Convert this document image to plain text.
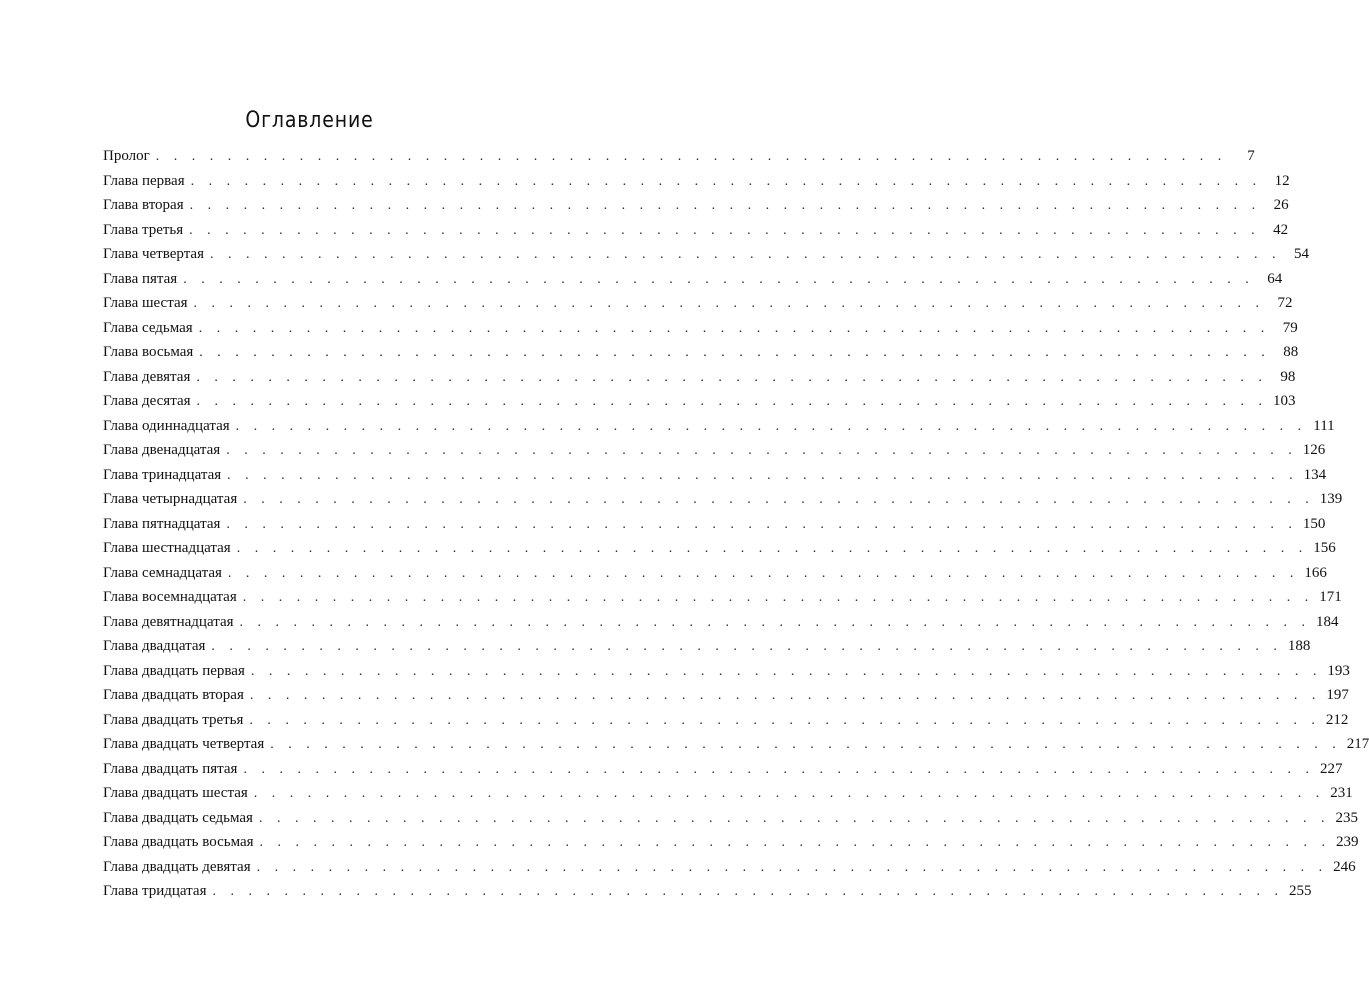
Оглавление
Пролог . . . . . . . . . . . . . . . . . . . . . . . . . . . . . . . . . . . . . . . . . . . . . . . . . . . . . . . . . . . .	7
Глава первая . . . . . . . . . . . . . . . . . . . . . . . . . . . . . . . . . . . . . . . . . . . . . . . . . . . . . . . . . . . . 12
Глава вторая . . . . . . . . . . . . . . . . . . . . . . . . . . . . . . . . . . . . . . . . . . . . . . . . . . . . . . . . . . . . 26
Глава третья . . . . . . . . . . . . . . . . . . . . . . . . . . . . . . . . . . . . . . . . . . . . . . . . . . . . . . . . . . . . 42
Глава четвертая . . . . . . . . . . . . . . . . . . . . . . . . . . . . . . . . . . . . . . . . . . . . . . . . . . . . . . . . . . . . 54
Глава пятая . . . . . . . . . . . . . . . . . . . . . . . . . . . . . . . . . . . . . . . . . . . . . . . . . . . . . . . . . . . . 64
Глава шестая . . . . . . . . . . . . . . . . . . . . . . . . . . . . . . . . . . . . . . . . . . . . . . . . . . . . . . . . . . . . 72
Глава седьмая . . . . . . . . . . . . . . . . . . . . . . . . . . . . . . . . . . . . . . . . . . . . . . . . . . . . . . . . . . . . 79
Глава восьмая . . . . . . . . . . . . . . . . . . . . . . . . . . . . . . . . . . . . . . . . . . . . . . . . . . . . . . . . . . . . 88
Глава девятая . . . . . . . . . . . . . . . . . . . . . . . . . . . . . . . . . . . . . . . . . . . . . . . . . . . . . . . . . . . . 98
Глава десятая . . . . . . . . . . . . . . . . . . . . . . . . . . . . . . . . . . . . . . . . . . . . . . . . . . . . . . . . . . . . 103
Глава одиннадцатая . . . . . . . . . . . . . . . . . . . . . . . . . . . . . . . . . . . . . . . . . . . . . . . . . . . . . . . . . . . . 111
Глава двенадцатая . . . . . . . . . . . . . . . . . . . . . . . . . . . . . . . . . . . . . . . . . . . . . . . . . . . . . . . . . . . . 126
Глава тринадцатая . . . . . . . . . . . . . . . . . . . . . . . . . . . . . . . . . . . . . . . . . . . . . . . . . . . . . . . . . . . . 134
Глава четырнадцатая . . . . . . . . . . . . . . . . . . . . . . . . . . . . . . . . . . . . . . . . . . . . . . . . . . . . . . . . . . . . 139
Глава пятнадцатая . . . . . . . . . . . . . . . . . . . . . . . . . . . . . . . . . . . . . . . . . . . . . . . . . . . . . . . . . . . . 150
Глава шестнадцатая . . . . . . . . . . . . . . . . . . . . . . . . . . . . . . . . . . . . . . . . . . . . . . . . . . . . . . . . . . . . 156
Глава семнадцатая . . . . . . . . . . . . . . . . . . . . . . . . . . . . . . . . . . . . . . . . . . . . . . . . . . . . . . . . . . . . 166
Глава восемнадцатая . . . . . . . . . . . . . . . . . . . . . . . . . . . . . . . . . . . . . . . . . . . . . . . . . . . . . . . . . . . . 171
Глава девятнадцатая . . . . . . . . . . . . . . . . . . . . . . . . . . . . . . . . . . . . . . . . . . . . . . . . . . . . . . . . . . . . 184
Глава двадцатая . . . . . . . . . . . . . . . . . . . . . . . . . . . . . . . . . . . . . . . . . . . . . . . . . . . . . . . . . . . . 188
Глава двадцать первая . . . . . . . . . . . . . . . . . . . . . . . . . . . . . . . . . . . . . . . . . . . . . . . . . . . . . . . . . . . . 193
Глава двадцать вторая . . . . . . . . . . . . . . . . . . . . . . . . . . . . . . . . . . . . . . . . . . . . . . . . . . . . . . . . . . . . 197
Глава двадцать третья . . . . . . . . . . . . . . . . . . . . . . . . . . . . . . . . . . . . . . . . . . . . . . . . . . . . . . . . . . . . 212
Глава двадцать четвертая . . . . . . . . . . . . . . . . . . . . . . . . . . . . . . . . . . . . . . . . . . . . . . . . . . . . . . . . . . . . 217
Глава двадцать пятая . . . . . . . . . . . . . . . . . . . . . . . . . . . . . . . . . . . . . . . . . . . . . . . . . . . . . . . . . . . . 227
Глава двадцать шестая . . . . . . . . . . . . . . . . . . . . . . . . . . . . . . . . . . . . . . . . . . . . . . . . . . . . . . . . . . . . 231
Глава двадцать седьмая . . . . . . . . . . . . . . . . . . . . . . . . . . . . . . . . . . . . . . . . . . . . . . . . . . . . . . . . . . . . 235
Глава двадцать восьмая . . . . . . . . . . . . . . . . . . . . . . . . . . . . . . . . . . . . . . . . . . . . . . . . . . . . . . . . . . . . 239
Глава двадцать девятая . . . . . . . . . . . . . . . . . . . . . . . . . . . . . . . . . . . . . . . . . . . . . . . . . . . . . . . . . . . . 246
Глава тридцатая . . . . . . . . . . . . . . . . . . . . . . . . . . . . . . . . . . . . . . . . . . . . . . . . . . . . . . . . . . . . 255
